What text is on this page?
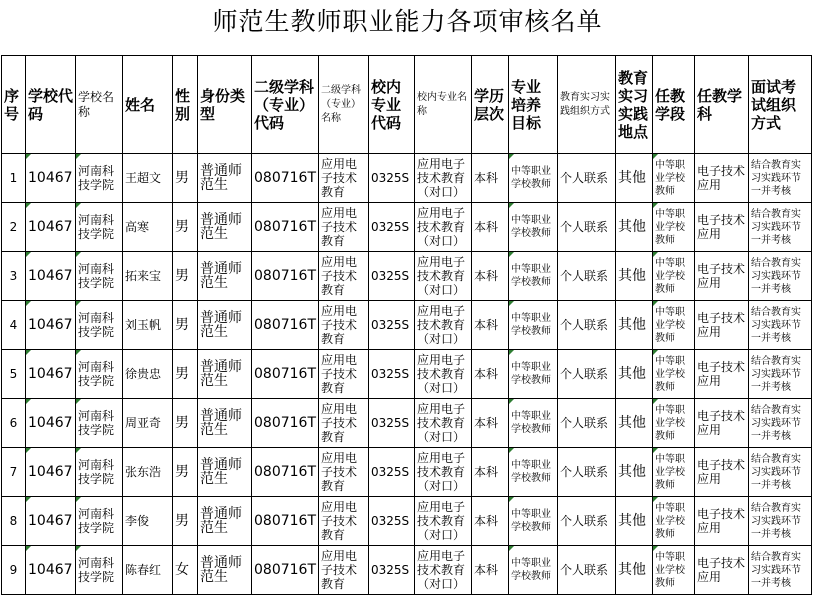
师范生教师职业能力各项审核名单
序号	学校代码	学校名称	姓名	性别	身份类型	二级学科（专业）代码	二级学科（专业）名称	校内专业代码	校内专业名称	学历层次	专业培养目标	教育实习实践组织方式	教育实习实践地点	任教学段	任教学科	面试考试组织方式
1	10467	河南科技学院	王超文	男	普通师范生	080716T	应用电子技术教育	0325S	应用电子技术教育（对口）	本科	中等职业学校教师	个人联系	其他	中等职业学校教师	电子技术应用	结合教育实习实践环节一并考核
2	10467	河南科技学院	高寒	男	普通师范生	080716T	应用电子技术教育	0325S	应用电子技术教育（对口）	本科	中等职业学校教师	个人联系	其他	中等职业学校教师	电子技术应用	结合教育实习实践环节一并考核
3	10467	河南科技学院	拓来宝	男	普通师范生	080716T	应用电子技术教育	0325S	应用电子技术教育（对口）	本科	中等职业学校教师	个人联系	其他	中等职业学校教师	电子技术应用	结合教育实习实践环节一并考核
4	10467	河南科技学院	刘玉帆	男	普通师范生	080716T	应用电子技术教育	0325S	应用电子技术教育（对口）	本科	中等职业学校教师	个人联系	其他	中等职业学校教师	电子技术应用	结合教育实习实践环节一并考核
5	10467	河南科技学院	徐贵忠	男	普通师范生	080716T	应用电子技术教育	0325S	应用电子技术教育（对口）	本科	中等职业学校教师	个人联系	其他	中等职业学校教师	电子技术应用	结合教育实习实践环节一并考核
6	10467	河南科技学院	周亚奇	男	普通师范生	080716T	应用电子技术教育	0325S	应用电子技术教育（对口）	本科	中等职业学校教师	个人联系	其他	中等职业学校教师	电子技术应用	结合教育实习实践环节一并考核
7	10467	河南科技学院	张东浩	男	普通师范生	080716T	应用电子技术教育	0325S	应用电子技术教育（对口）	本科	中等职业学校教师	个人联系	其他	中等职业学校教师	电子技术应用	结合教育实习实践环节一并考核
8	10467	河南科技学院	李俊	男	普通师范生	080716T	应用电子技术教育	0325S	应用电子技术教育（对口）	本科	中等职业学校教师	个人联系	其他	中等职业学校教师	电子技术应用	结合教育实习实践环节一并考核
9	10467	河南科技学院	陈春红	女	普通师范生	080716T	应用电子技术教育	0325S	应用电子技术教育（对口）	本科	中等职业学校教师	个人联系	其他	中等职业学校教师	电子技术应用	结合教育实习实践环节一并考核
